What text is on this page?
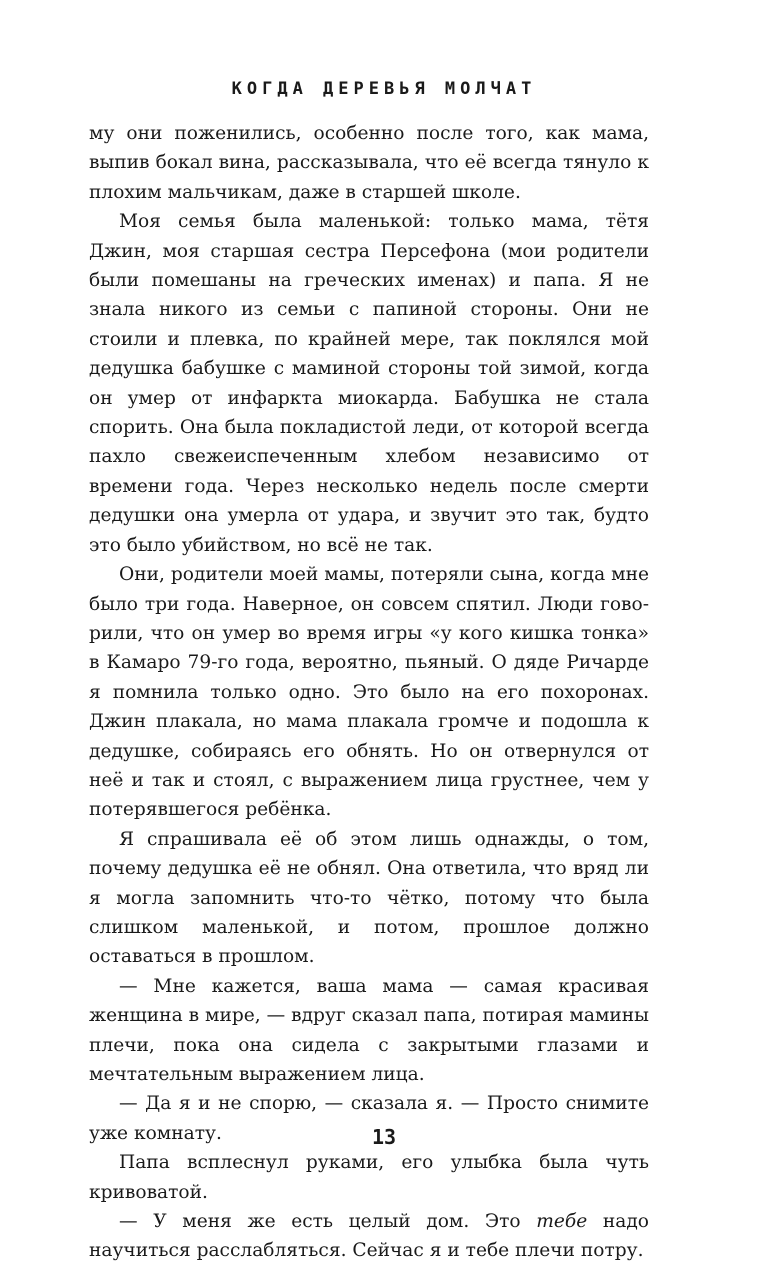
КОГДА ДЕРЕВЬЯ МОЛЧАТ

му они поженились, особенно после того, как мама, выпив бокал вина, рассказывала, что её всегда тянуло к плохим мальчикам, даже в старшей школе.

Моя семья была маленькой: только мама, тётя Джин, моя старшая сестра Персефона (мои родители были помешаны на греческих именах) и папа. Я не знала никого из семьи с папиной стороны. Они не стоили и плевка, по крайней мере, так поклялся мой дедушка бабушке с маминой стороны той зимой, когда он умер от инфаркта миокарда. Бабушка не стала спорить. Она была покладистой леди, от которой всегда пахло свежеиспеченным хлебом независимо от времени года. Через несколько недель после смерти дедушки она умерла от удара, и звучит это так, будто это было убийством, но всё не так.

Они, родители моей мамы, потеряли сына, когда мне было три года. Наверное, он совсем спятил. Люди говорили, что он умер во время игры «у кого кишка тонка» в Камаро 79-го года, вероятно, пьяный. О дяде Ричарде я помнила только одно. Это было на его похоронах. Джин плакала, но мама плакала громче и подошла к дедушке, собираясь его обнять. Но он отвернулся от неё и так и стоял, с выражением лица грустнее, чем у потерявшегося ребёнка.

Я спрашивала её об этом лишь однажды, о том, почему дедушка её не обнял. Она ответила, что вряд ли я могла запомнить что-то чётко, потому что была слишком маленькой, и потом, прошлое должно оставаться в прошлом.

— Мне кажется, ваша мама — самая красивая женщина в мире, — вдруг сказал папа, потирая мамины плечи, пока она сидела с закрытыми глазами и мечтательным выражением лица.

— Да я и не спорю, — сказала я. — Просто снимите уже комнату.

Папа всплеснул руками, его улыбка была чуть кривоватой.

— У меня же есть целый дом. Это тебе надо научиться расслабляться. Сейчас я и тебе плечи потру.

13
